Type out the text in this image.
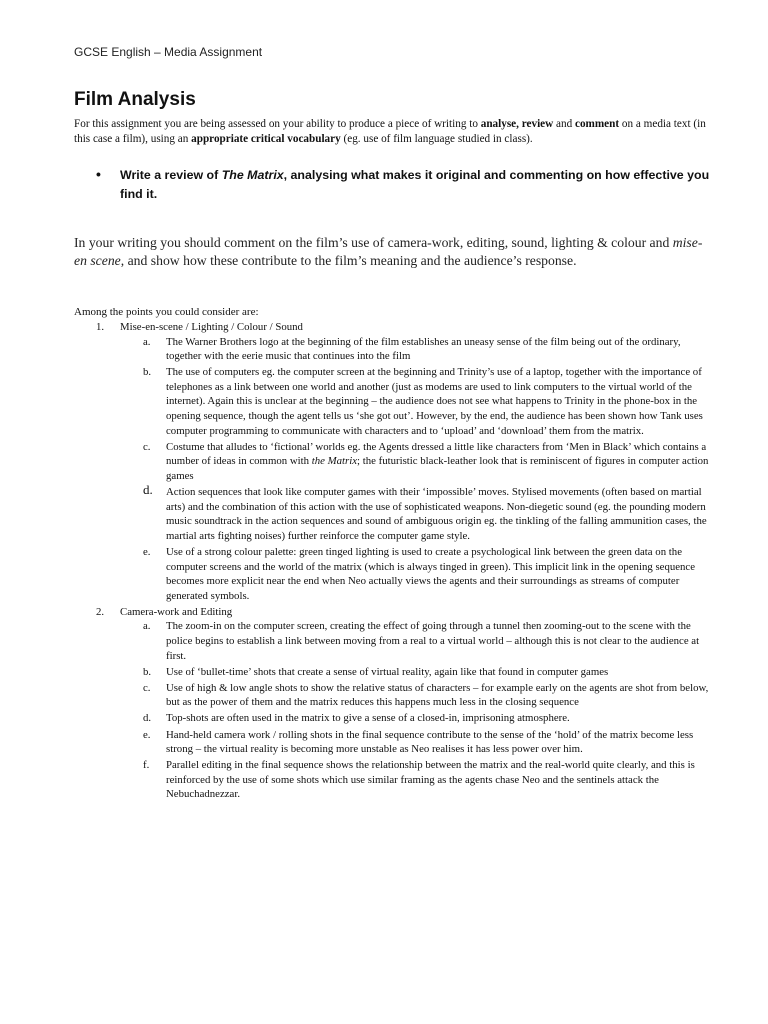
GCSE English – Media Assignment
Film Analysis

For this assignment you are being assessed on your ability to produce a piece of writing to analyse, review and comment on a media text (in this case a film), using an appropriate critical vocabulary (eg. use of film language studied in class).

• Write a review of The Matrix, analysing what makes it original and commenting on how effective you find it.

In your writing you should comment on the film’s use of camera-work, editing, sound, lighting & colour and mise-en scene, and show how these contribute to the film’s meaning and the audience’s response.

Among the points you could consider are:
1. Mise-en-scene / Lighting / Colour / Sound
a. The Warner Brothers logo at the beginning of the film establishes an uneasy sense of the film being out of the ordinary, together with the eerie music that continues into the film
b. The use of computers eg. the computer screen at the beginning and Trinity’s use of a laptop, together with the importance of telephones as a link between one world and another (just as modems are used to link computers to the virtual world of the internet). Again this is unclear at the beginning – the audience does not see what happens to Trinity in the phone-box in the opening sequence, though the agent tells us ‘she got out’. However, by the end, the audience has been shown how Tank uses computer programming to communicate with characters and to ‘upload’ and ‘download’ them from the matrix.
c. Costume that alludes to ‘fictional’ worlds eg. the Agents dressed a little like characters from ‘Men in Black’ which contains a number of ideas in common with the Matrix; the futuristic black-leather look that is reminiscent of figures in computer action games
d. Action sequences that look like computer games with their ‘impossible’ moves. Stylised movements (often based on martial arts) and the combination of this action with the use of sophisticated weapons. Non-diegetic sound (eg. the pounding modern music soundtrack in the action sequences and sound of ambiguous origin eg. the tinkling of the falling ammunition cases, the martial arts fighting noises) further reinforce the computer game style.
e. Use of a strong colour palette: green tinged lighting is used to create a psychological link between the green data on the computer screens and the world of the matrix (which is always tinged in green). This implicit link in the opening sequence becomes more explicit near the end when Neo actually views the agents and their surroundings as streams of computer generated symbols.
2. Camera-work and Editing
a. The zoom-in on the computer screen, creating the effect of going through a tunnel then zooming-out to the scene with the police begins to establish a link between moving from a real to a virtual world – although this is not clear to the audience at first.
b. Use of ‘bullet-time’ shots that create a sense of virtual reality, again like that found in computer games
c. Use of high & low angle shots to show the relative status of characters – for example early on the agents are shot from below, but as the power of them and the matrix reduces this happens much less in the closing sequence
d. Top-shots are often used in the matrix to give a sense of a closed-in, imprisoning atmosphere.
e. Hand-held camera work / rolling shots in the final sequence contribute to the sense of the ‘hold’ of the matrix become less strong – the virtual reality is becoming more unstable as Neo realises it has less power over him.
f. Parallel editing in the final sequence shows the relationship between the matrix and the real-world quite clearly, and this is reinforced by the use of some shots which use similar framing as the agents chase Neo and the sentinels attack the Nebuchadnezzar.
